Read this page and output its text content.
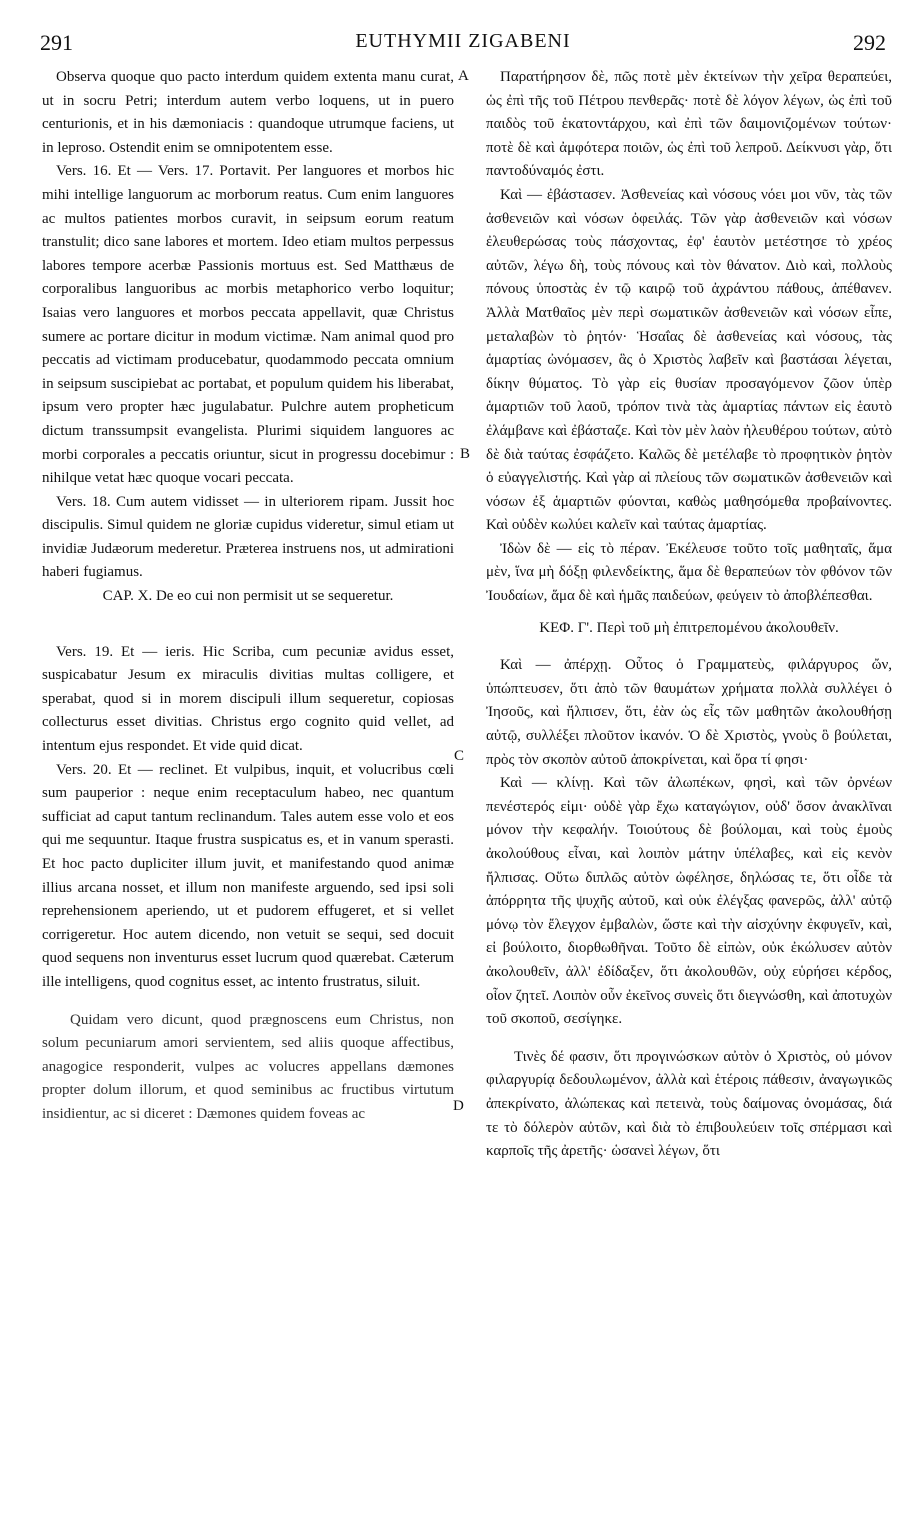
291	EUTHYMII ZIGABENI	292
A
B
C
D

Observa quoque quo pacto interdum quidem extenta manu curat, ut in socru Petri; interdum autem verbo loquens, ut in puero centurionis, et in his dæmoniacis : quandoque utrumque faciens, ut in leproso. Ostendit enim se omnipotentem esse.

Vers. 16. Et — Vers. 17. Portavit. Per languores et morbos hic mihi intellige languorum ac morborum reatus. Cum enim languores ac multos patientes morbos curavit, in seipsum eorum reatum transtulit; dico sane labores et mortem. Ideo etiam multos perpessus labores tempore acerbæ Passionis mortuus est. Sed Matthæus de corporalibus languoribus ac morbis metaphorico verbo loquitur; Isaias vero languores et morbos peccata appellavit, quæ Christus sumere ac portare dicitur in modum victimæ. Nam animal quod pro peccatis ad victimam producebatur, quodammodo peccata omnium in seipsum suscipiebat ac portabat, et populum quidem his liberabat, ipsum vero propter hæc jugulabatur. Pulchre autem propheticum dictum transsumpsit evangelista. Plurimi siquidem languores ac morbi corporales a peccatis oriuntur, sicut in progressu docebimur : nihilque vetat hæc quoque vocari peccata.

Vers. 18. Cum autem vidisset — in ulteriorem ripam. Jussit hoc discipulis. Simul quidem ne gloriæ cupidus videretur, simul etiam ut invidiæ Judæorum mederetur. Præterea instruens nos, ut admirationi haberi fugiamus.

CAP. X. De eo cui non permisit ut se sequeretur.

Vers. 19. Et — ieris. Hic Scriba, cum pecuniæ avidus esset, suspicabatur Jesum ex miraculis divitias multas colligere, et sperabat, quod si in morem discipuli illum sequeretur, copiosas collecturus esset divitias. Christus ergo cognito quid vellet, ad intentum ejus respondet. Et vide quid dicat.

Vers. 20. Et — reclinet. Et vulpibus, inquit, et volucribus cœli sum pauperior : neque enim receptaculum habeo, nec quantum sufficiat ad caput tantum reclinandum. Tales autem esse volo et eos qui me sequuntur. Itaque frustra suspicatus es, et in vanum sperasti. Et hoc pacto dupliciter illum juvit, et manifestando quod animæ illius arcana nosset, et illum non manifeste arguendo, sed ipsi soli reprehensionem aperiendo, ut et pudorem effugeret, et si vellet corrigeretur. Hoc autem dicendo, non vetuit se sequi, sed docuit quod sequens non inventurus esset lucrum quod quærebat. Cæterum ille intelligens, quod cognitus esset, ac intento frustratus, siluit.

Quidam vero dicunt, quod prægnoscens eum Christus, non solum pecuniarum amori servientem, sed aliis quoque affectibus, anagogice responderit, vulpes ac volucres appellans dæmones propter dolum illorum, et quod seminibus ac fructibus virtutum insidientur, ac si diceret : Dæmones quidem foveas ac

Παρατήρησον δὲ, πῶς ποτὲ μὲν ἐκτείνων τὴν χεῖρα θεραπεύει, ὡς ἐπὶ τῆς τοῦ Πέτρου πενθερᾶς· ποτὲ δὲ λόγον λέγων, ὡς ἐπὶ τοῦ παιδὸς τοῦ ἑκατοντάρχου, καὶ ἐπὶ τῶν δαιμονιζομένων τούτων· ποτὲ δὲ καὶ ἀμφότερα ποιῶν, ὡς ἐπὶ τοῦ λεπροῦ. Δείκνυσι γὰρ, ὅτι παντοδύναμός ἐστι.

Καὶ — ἐβάστασεν. Ἀσθενείας καὶ νόσους νόει μοι νῦν, τὰς τῶν ἀσθενειῶν καὶ νόσων ὀφειλάς. Τῶν γὰρ ἀσθενειῶν καὶ νόσων ἐλευθερώσας τοὺς πάσχοντας, ἐφ' ἑαυτὸν μετέστησε τὸ χρέος αὐτῶν, λέγω δὴ, τοὺς πόνους καὶ τὸν θάνατον. Διὸ καὶ, πολλοὺς πόνους ὑποστὰς ἐν τῷ καιρῷ τοῦ ἀχράντου πάθους, ἀπέθανεν. Ἀλλὰ Ματθαῖος μὲν περὶ σωματικῶν ἀσθενειῶν καὶ νόσων εἶπε, μεταλαβὼν τὸ ῥητόν· Ἡσαΐας δὲ ἀσθενείας καὶ νόσους, τὰς ἁμαρτίας ὠνόμασεν, ἃς ὁ Χριστὸς λαβεῖν καὶ βαστάσαι λέγεται, δίκην θύματος. Τὸ γὰρ εἰς θυσίαν προσαγόμενον ζῶον ὑπὲρ ἁμαρτιῶν τοῦ λαοῦ, τρόπον τινὰ τὰς ἁμαρτίας πάντων εἰς ἑαυτὸ ἐλάμβανε καὶ ἐβάσταζε. Καὶ τὸν μὲν λαὸν ἠλευθέρου τούτων, αὐτὸ δὲ διὰ ταύτας ἐσφάζετο. Καλῶς δὲ μετέλαβε τὸ προφητικὸν ῥητὸν ὁ εὐαγγελιστής. Καὶ γὰρ αἱ πλείους τῶν σωματικῶν ἀσθενειῶν καὶ νόσων ἐξ ἁμαρτιῶν φύονται, καθὼς μαθησόμεθα προβαίνοντες. Καὶ οὐδὲν κωλύει καλεῖν καὶ ταύτας ἁμαρτίας.

Ἰδὼν δὲ — εἰς τὸ πέραν. Ἐκέλευσε τοῦτο τοῖς μαθηταῖς, ἅμα μὲν, ἵνα μὴ δόξῃ φιλενδείκτης, ἅμα δὲ θεραπεύων τὸν φθόνον τῶν Ἰουδαίων, ἅμα δὲ καὶ ἡμᾶς παιδεύων, φεύγειν τὸ ἀποβλέπεσθαι.

ΚΕΦ. Γ'. Περὶ τοῦ μὴ ἐπιτρεπομένου ἀκολουθεῖν.

Καὶ — ἀπέρχῃ. Οὗτος ὁ Γραμματεὺς, φιλάργυρος ὤν, ὑπώπτευσεν, ὅτι ἀπὸ τῶν θαυμάτων χρήματα πολλὰ συλλέγει ὁ Ἰησοῦς, καὶ ἤλπισεν, ὅτι, ἐὰν ὡς εἷς τῶν μαθητῶν ἀκολουθήσῃ αὐτῷ, συλλέξει πλοῦτον ἱκανόν. Ὁ δὲ Χριστὸς, γνοὺς ὃ βούλεται, πρὸς τὸν σκοπὸν αὐτοῦ ἀποκρίνεται, καὶ ὅρα τί φησι·

Καὶ — κλίνῃ. Καὶ τῶν ἀλωπέκων, φησὶ, καὶ τῶν ὀρνέων πενέστερός εἰμι· οὐδὲ γὰρ ἔχω καταγώγιον, οὐδ' ὅσον ἀνακλῖναι μόνον τὴν κεφαλήν. Τοιούτους δὲ βούλομαι, καὶ τοὺς ἐμοὺς ἀκολούθους εἶναι, καὶ λοιπὸν μάτην ὑπέλαβες, καὶ εἰς κενὸν ἤλπισας. Οὕτω διπλῶς αὐτὸν ὠφέλησε, δηλώσας τε, ὅτι οἶδε τὰ ἀπόρρητα τῆς ψυχῆς αὐτοῦ, καὶ οὐκ ἐλέγξας φανερῶς, ἀλλ' αὐτῷ μόνῳ τὸν ἔλεγχον ἐμβαλὼν, ὥστε καὶ τὴν αἰσχύνην ἐκφυγεῖν, καὶ, εἰ βούλοιτο, διορθωθῆναι. Τοῦτο δὲ εἰπὼν, οὐκ ἐκώλυσεν αὐτὸν ἀκολουθεῖν, ἀλλ' ἐδίδαξεν, ὅτι ἀκολουθῶν, οὐχ εὑρήσει κέρδος, οἷον ζητεῖ. Λοιπὸν οὖν ἐκεῖνος συνεὶς ὅτι διεγνώσθη, καὶ ἀποτυχὼν τοῦ σκοποῦ, σεσίγηκε.

Τινὲς δέ φασιν, ὅτι προγινώσκων αὐτὸν ὁ Χριστὸς, οὐ μόνον φιλαργυρίᾳ δεδουλωμένον, ἀλλὰ καὶ ἑτέροις πάθεσιν, ἀναγωγικῶς ἀπεκρίνατο, ἀλώπεκας καὶ πετεινὰ, τοὺς δαίμονας ὀνομάσας, διά τε τὸ δόλερὸν αὐτῶν, καὶ διὰ τὸ ἐπιβουλεύειν τοῖς σπέρμασι καὶ καρποῖς τῆς ἀρετῆς· ὡσανεὶ λέγων, ὅτι
